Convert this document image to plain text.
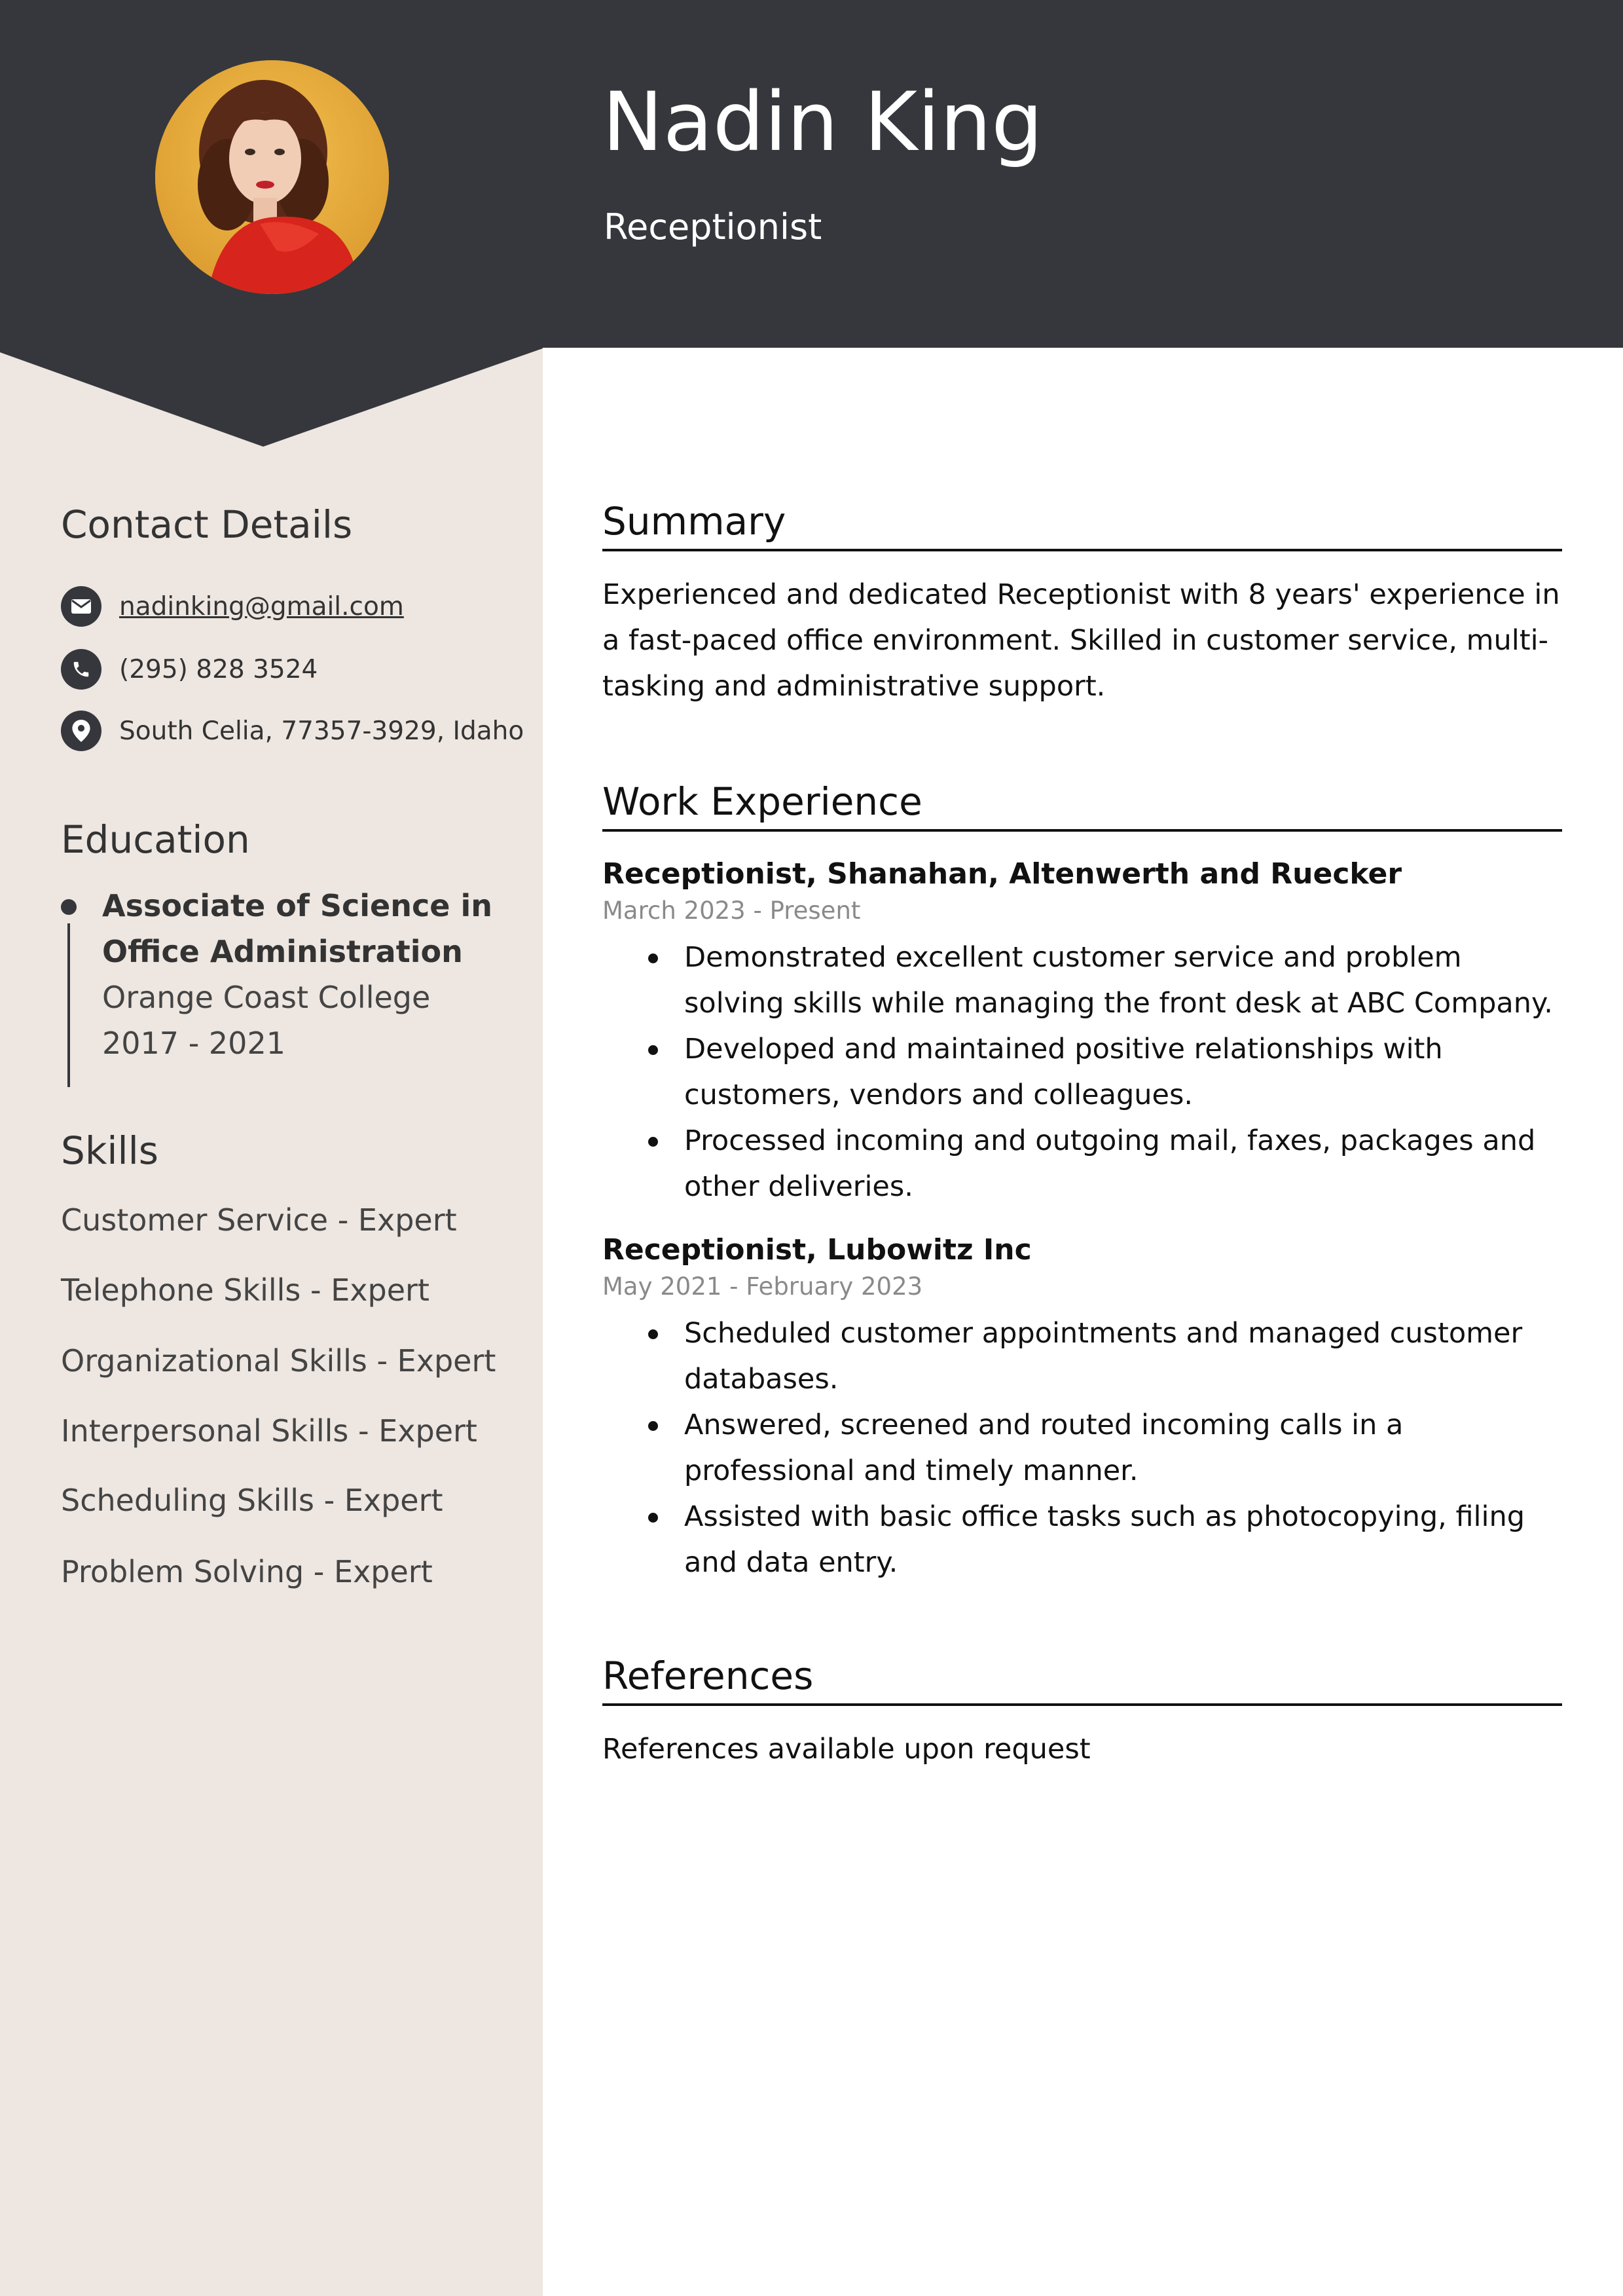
Nadin King
Receptionist
Contact Details
nadinking@gmail.com
(295) 828 3524
South Celia, 77357-3929, Idaho
Education
Associate of Science in Office Administration
Orange Coast College
2017 - 2021
Skills
Customer Service - Expert
Telephone Skills - Expert
Organizational Skills - Expert
Interpersonal Skills - Expert
Scheduling Skills - Expert
Problem Solving - Expert
Summary
Experienced and dedicated Receptionist with 8 years' experience in a fast-paced office environment. Skilled in customer service, multi-tasking and administrative support.
Work Experience
Receptionist, Shanahan, Altenwerth and Ruecker
March 2023 - Present
Demonstrated excellent customer service and problem solving skills while managing the front desk at ABC Company.
Developed and maintained positive relationships with customers, vendors and colleagues.
Processed incoming and outgoing mail, faxes, packages and other deliveries.
Receptionist, Lubowitz Inc
May 2021 - February 2023
Scheduled customer appointments and managed customer databases.
Answered, screened and routed incoming calls in a professional and timely manner.
Assisted with basic office tasks such as photocopying, filing and data entry.
References
References available upon request
